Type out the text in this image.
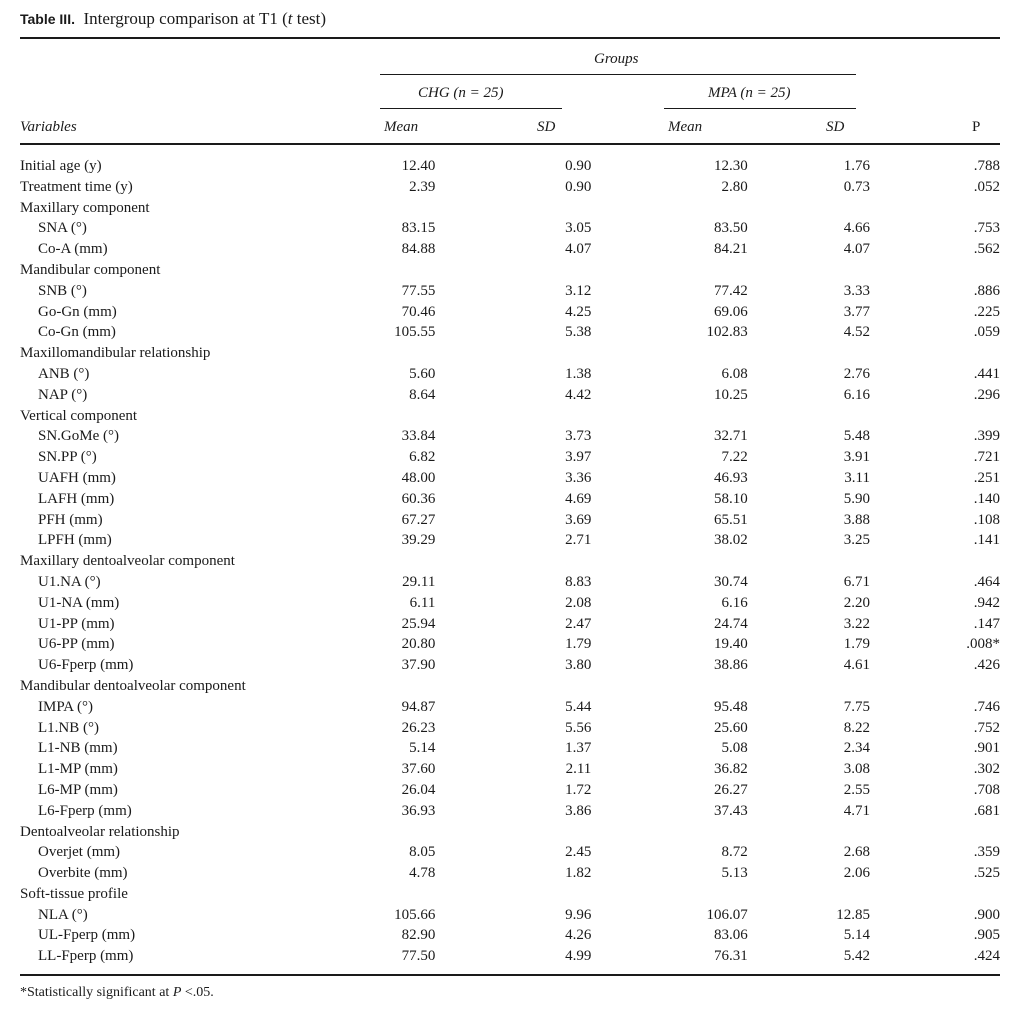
Table III. Intergroup comparison at T1 (t test)
Groups
CHG (n = 25)	MPA (n = 25)
Variables	Mean	SD	Mean	SD	P
Initial age (y)	12.40	0.90	12.30	1.76	.788
Treatment time (y)	2.39	0.90	2.80	0.73	.052
Maxillary component					
SNA (°)	83.15	3.05	83.50	4.66	.753
Co-A (mm)	84.88	4.07	84.21	4.07	.562
Mandibular component					
SNB (°)	77.55	3.12	77.42	3.33	.886
Go-Gn (mm)	70.46	4.25	69.06	3.77	.225
Co-Gn (mm)	105.55	5.38	102.83	4.52	.059
Maxillomandibular relationship					
ANB (°)	5.60	1.38	6.08	2.76	.441
NAP (°)	8.64	4.42	10.25	6.16	.296
Vertical component					
SN.GoMe (°)	33.84	3.73	32.71	5.48	.399
SN.PP (°)	6.82	3.97	7.22	3.91	.721
UAFH (mm)	48.00	3.36	46.93	3.11	.251
LAFH (mm)	60.36	4.69	58.10	5.90	.140
PFH (mm)	67.27	3.69	65.51	3.88	.108
LPFH (mm)	39.29	2.71	38.02	3.25	.141
Maxillary dentoalveolar component					
U1.NA (°)	29.11	8.83	30.74	6.71	.464
U1-NA (mm)	6.11	2.08	6.16	2.20	.942
U1-PP (mm)	25.94	2.47	24.74	3.22	.147
U6-PP (mm)	20.80	1.79	19.40	1.79	.008*
U6-Fperp (mm)	37.90	3.80	38.86	4.61	.426
Mandibular dentoalveolar component					
IMPA (°)	94.87	5.44	95.48	7.75	.746
L1.NB (°)	26.23	5.56	25.60	8.22	.752
L1-NB (mm)	5.14	1.37	5.08	2.34	.901
L1-MP (mm)	37.60	2.11	36.82	3.08	.302
L6-MP (mm)	26.04	1.72	26.27	2.55	.708
L6-Fperp (mm)	36.93	3.86	37.43	4.71	.681
Dentoalveolar relationship					
Overjet (mm)	8.05	2.45	8.72	2.68	.359
Overbite (mm)	4.78	1.82	5.13	2.06	.525
Soft-tissue profile					
NLA (°)	105.66	9.96	106.07	12.85	.900
UL-Fperp (mm)	82.90	4.26	83.06	5.14	.905
LL-Fperp (mm)	77.50	4.99	76.31	5.42	.424
*Statistically significant at P <.05.
